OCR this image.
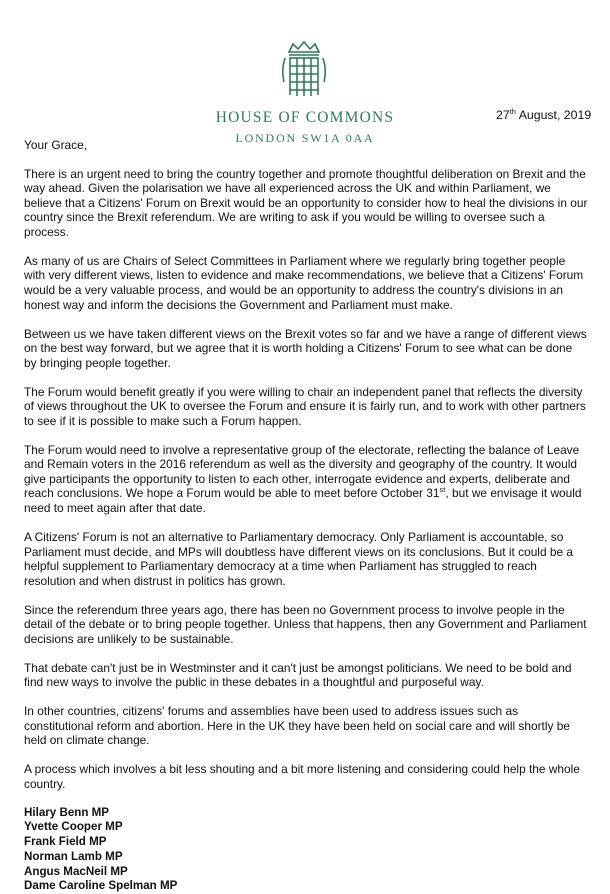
HOUSE OF COMMONS
LONDON SW1A 0AA
27th August, 2019

Your Grace,

There is an urgent need to bring the country together and promote thoughtful deliberation on Brexit and the way ahead. Given the polarisation we have all experienced across the UK and within Parliament, we believe that a Citizens' Forum on Brexit would be an opportunity to consider how to heal the divisions in our country since the Brexit referendum. We are writing to ask if you would be willing to oversee such a process.

As many of us are Chairs of Select Committees in Parliament where we regularly bring together people with very different views, listen to evidence and make recommendations, we believe that a Citizens' Forum would be a very valuable process, and would be an opportunity to address the country's divisions in an honest way and inform the decisions the Government and Parliament must make.

Between us we have taken different views on the Brexit votes so far and we have a range of different views on the best way forward, but we agree that it is worth holding a Citizens' Forum to see what can be done by bringing people together.

The Forum would benefit greatly if you were willing to chair an independent panel that reflects the diversity of views throughout the UK to oversee the Forum and ensure it is fairly run, and to work with other partners to see if it is possible to make such a Forum happen.

The Forum would need to involve a representative group of the electorate, reflecting the balance of Leave and Remain voters in the 2016 referendum as well as the diversity and geography of the country. It would give participants the opportunity to listen to each other, interrogate evidence and experts, deliberate and reach conclusions. We hope a Forum would be able to meet before October 31st, but we envisage it would need to meet again after that date.

A Citizens' Forum is not an alternative to Parliamentary democracy. Only Parliament is accountable, so Parliament must decide, and MPs will doubtless have different views on its conclusions. But it could be a helpful supplement to Parliamentary democracy at a time when Parliament has struggled to reach resolution and when distrust in politics has grown.

Since the referendum three years ago, there has been no Government process to involve people in the detail of the debate or to bring people together. Unless that happens, then any Government and Parliament decisions are unlikely to be sustainable.

That debate can't just be in Westminster and it can't just be amongst politicians. We need to be bold and find new ways to involve the public in these debates in a thoughtful and purposeful way.

In other countries, citizens' forums and assemblies have been used to address issues such as constitutional reform and abortion. Here in the UK they have been held on social care and will shortly be held on climate change.

A process which involves a bit less shouting and a bit more listening and considering could help the whole country.

Hilary Benn MP
Yvette Cooper MP
Frank Field MP
Norman Lamb MP
Angus MacNeil MP
Dame Caroline Spelman MP
